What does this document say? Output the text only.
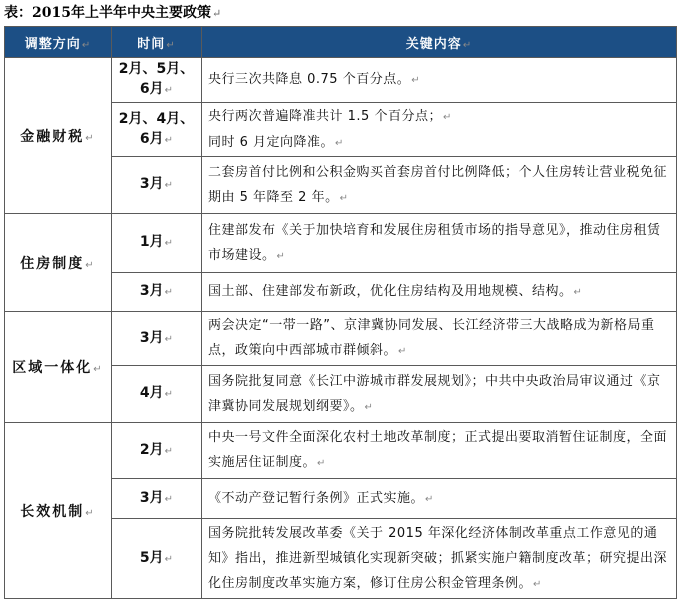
表：2015年上半年中央主要政策↵
调整方向↵	时间↵	关键内容↵
金融财税↵	2月、5月、6月↵	央行三次共降息 0.75 个百分点。↵
	2月、4月、6月↵	央行两次普遍降准共计 1.5 个百分点；↵
同时 6 月定向降准。↵
	3月↵	二套房首付比例和公积金购买首套房首付比例降低；个人住房转让营业税免征期由 5 年降至 2 年。↵
住房制度↵	1月↵	住建部发布《关于加快培育和发展住房租赁市场的指导意见》，推动住房租赁市场建设。↵
	3月↵	国土部、住建部发布新政，优化住房结构及用地规模、结构。↵
区域一体化↵	3月↵	两会决定“一带一路”、京津冀协同发展、长江经济带三大战略成为新格局重点，政策向中西部城市群倾斜。↵
	4月↵	国务院批复同意《长江中游城市群发展规划》；中共中央政治局审议通过《京津冀协同发展规划纲要》。↵
长效机制↵	2月↵	中央一号文件全面深化农村土地改革制度；正式提出要取消暂住证制度，全面实施居住证制度。↵
	3月↵	《不动产登记暂行条例》正式实施。↵
	5月↵	国务院批转发展改革委《关于 2015 年深化经济体制改革重点工作意见的通知》指出，推进新型城镇化实现新突破；抓紧实施户籍制度改革；研究提出深化住房制度改革实施方案，修订住房公积金管理条例。↵
